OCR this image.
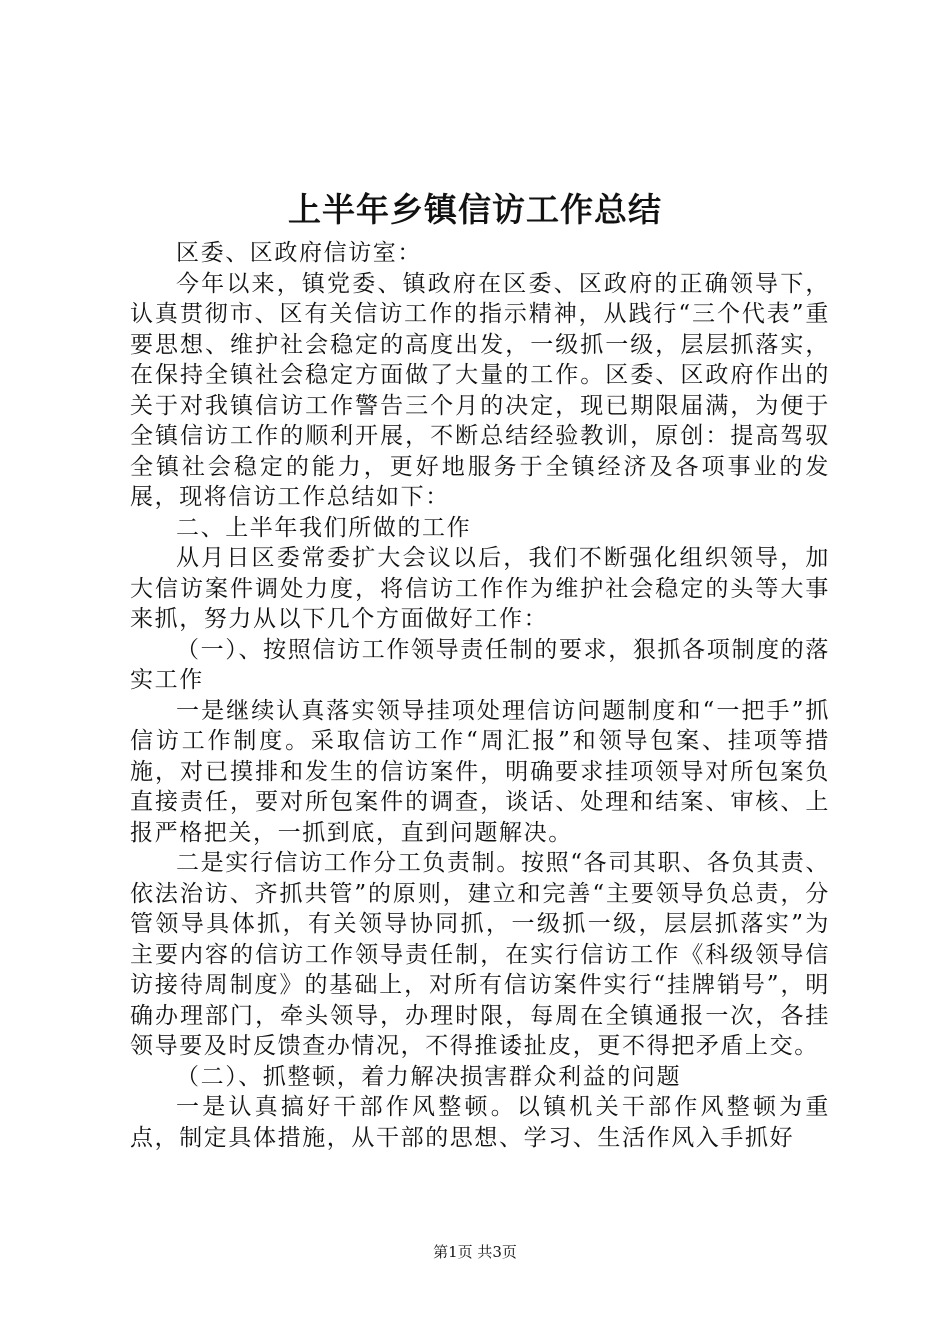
上半年乡镇信访工作总结

区委、区政府信访室：

今年以来，镇党委、镇政府在区委、区政府的正确领导下，认真贯彻市、区有关信访工作的指示精神，从践行“三个代表”重要思想、维护社会稳定的高度出发，一级抓一级，层层抓落实，在保持全镇社会稳定方面做了大量的工作。区委、区政府作出的关于对我镇信访工作警告三个月的决定，现已期限届满，为便于全镇信访工作的顺利开展，不断总结经验教训，原创：提高驾驭全镇社会稳定的能力，更好地服务于全镇经济及各项事业的发展，现将信访工作总结如下：

二、上半年我们所做的工作

从月日区委常委扩大会议以后，我们不断强化组织领导，加大信访案件调处力度，将信访工作作为维护社会稳定的头等大事来抓，努力从以下几个方面做好工作：

（一）、按照信访工作领导责任制的要求，狠抓各项制度的落实工作

一是继续认真落实领导挂项处理信访问题制度和“一把手”抓信访工作制度。采取信访工作“周汇报”和领导包案、挂项等措施，对已摸排和发生的信访案件，明确要求挂项领导对所包案负直接责任，要对所包案件的调查，谈话、处理和结案、审核、上报严格把关，一抓到底，直到问题解决。

二是实行信访工作分工负责制。按照“各司其职、各负其责、依法治访、齐抓共管”的原则，建立和完善“主要领导负总责，分管领导具体抓，有关领导协同抓，一级抓一级，层层抓落实”为主要内容的信访工作领导责任制，在实行信访工作《科级领导信访接待周制度》的基础上，对所有信访案件实行“挂牌销号”，明确办理部门，牵头领导，办理时限，每周在全镇通报一次，各挂领导要及时反馈查办情况，不得推诿扯皮，更不得把矛盾上交。

（二）、抓整顿，着力解决损害群众利益的问题

一是认真搞好干部作风整顿。以镇机关干部作风整顿为重点，制定具体措施，从干部的思想、学习、生活作风入手抓好

第1页 共3页
